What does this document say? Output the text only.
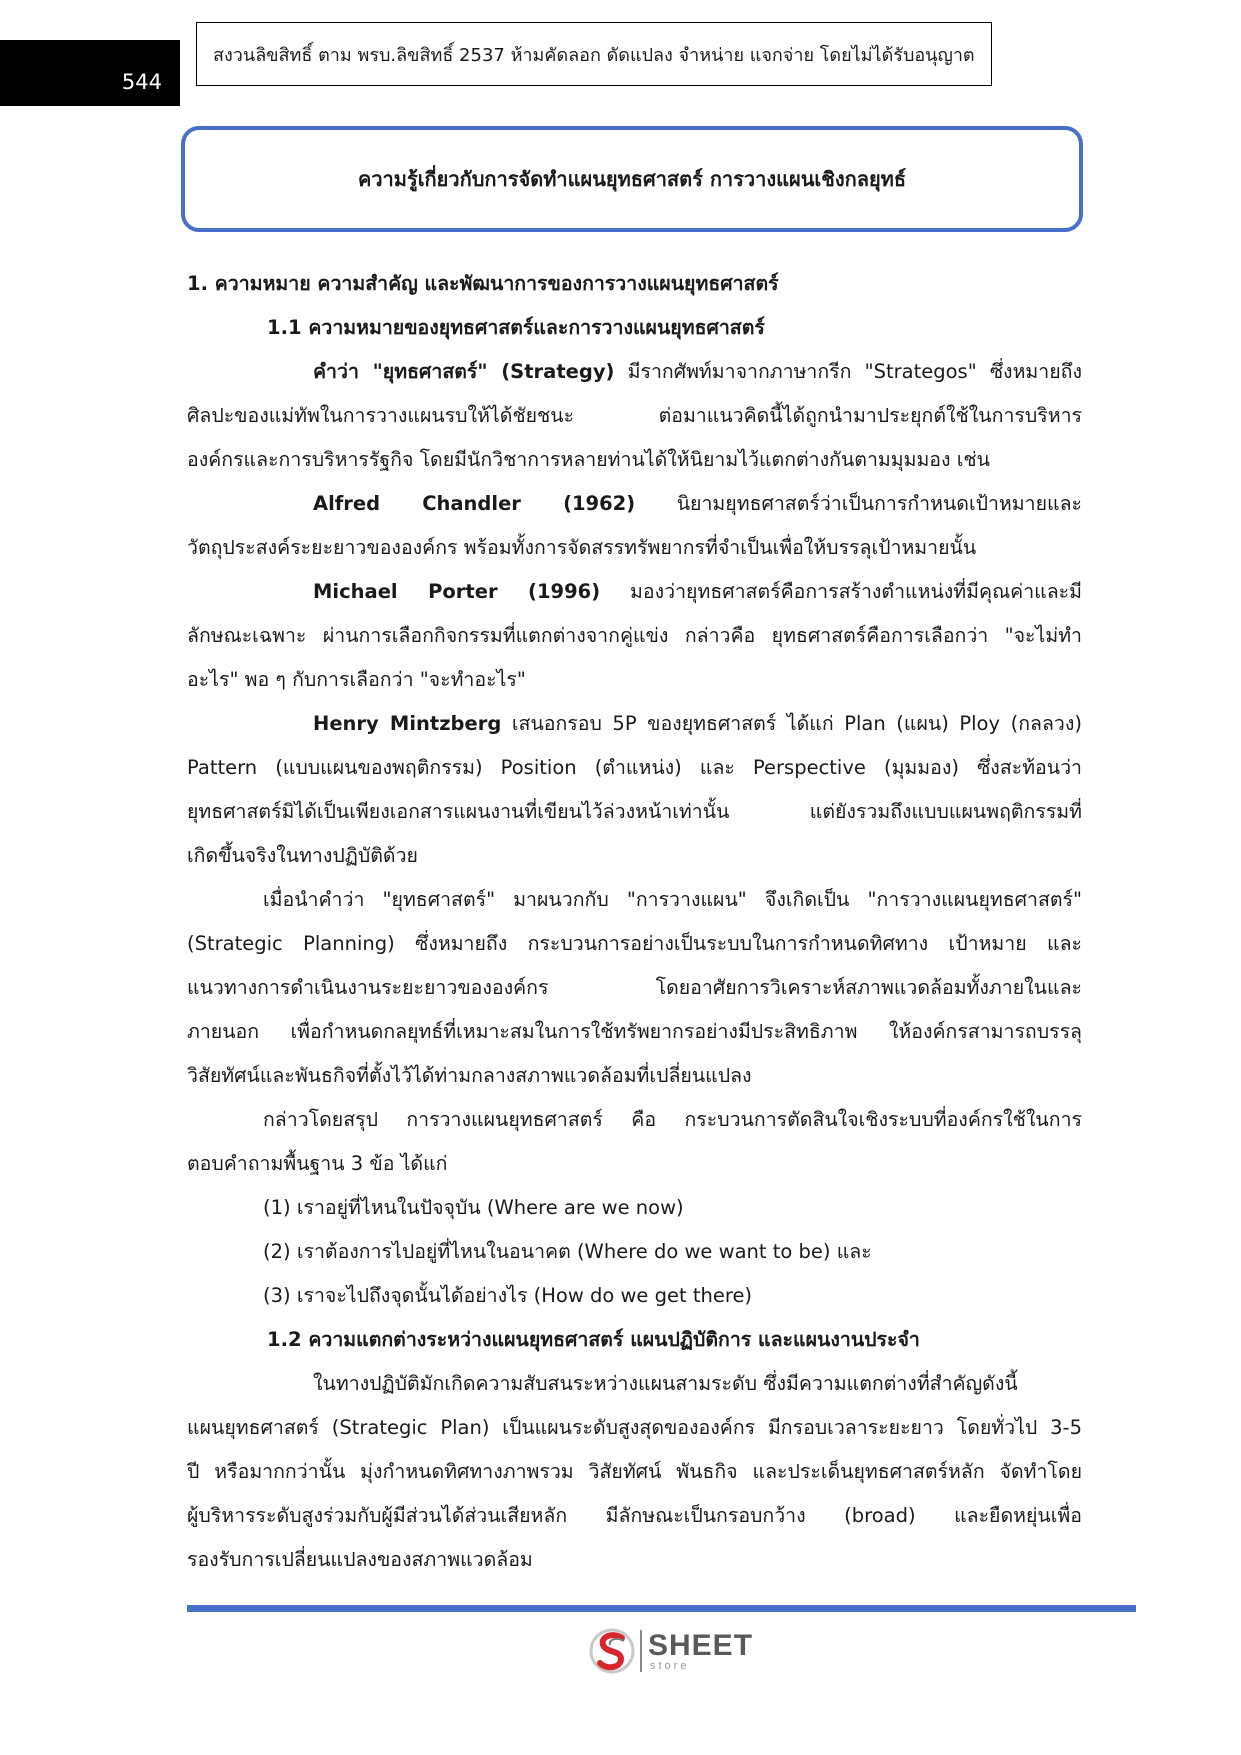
544
สงวนลิขสิทธิ์ ตาม พรบ.ลิขสิทธิ์ 2537 ห้ามคัดลอก ดัดแปลง จำหน่าย แจกจ่าย โดยไม่ได้รับอนุญาต
ความรู้เกี่ยวกับการจัดทำแผนยุทธศาสตร์ การวางแผนเชิงกลยุทธ์
1. ความหมาย ความสำคัญ และพัฒนาการของการวางแผนยุทธศาสตร์
1.1 ความหมายของยุทธศาสตร์และการวางแผนยุทธศาสตร์
คำว่า "ยุทธศาสตร์" (Strategy) มีรากศัพท์มาจากภาษากรีก "Strategos" ซึ่งหมายถึง
ศิลปะของแม่ทัพในการวางแผนรบให้ได้ชัยชนะ ต่อมาแนวคิดนี้ได้ถูกนำมาประยุกต์ใช้ในการบริหาร
องค์กรและการบริหารรัฐกิจ โดยมีนักวิชาการหลายท่านได้ให้นิยามไว้แตกต่างกันตามมุมมอง เช่น
Alfred Chandler (1962) นิยามยุทธศาสตร์ว่าเป็นการกำหนดเป้าหมายและ
วัตถุประสงค์ระยะยาวขององค์กร พร้อมทั้งการจัดสรรทรัพยากรที่จำเป็นเพื่อให้บรรลุเป้าหมายนั้น
Michael Porter (1996) มองว่ายุทธศาสตร์คือการสร้างตำแหน่งที่มีคุณค่าและมี
ลักษณะเฉพาะ ผ่านการเลือกกิจกรรมที่แตกต่างจากคู่แข่ง กล่าวคือ ยุทธศาสตร์คือการเลือกว่า "จะไม่ทำ
อะไร" พอ ๆ กับการเลือกว่า "จะทำอะไร"
Henry Mintzberg เสนอกรอบ 5P ของยุทธศาสตร์ ได้แก่ Plan (แผน) Ploy (กลลวง)
Pattern (แบบแผนของพฤติกรรม) Position (ตำแหน่ง) และ Perspective (มุมมอง) ซึ่งสะท้อนว่า
ยุทธศาสตร์มิได้เป็นเพียงเอกสารแผนงานที่เขียนไว้ล่วงหน้าเท่านั้น แต่ยังรวมถึงแบบแผนพฤติกรรมที่
เกิดขึ้นจริงในทางปฏิบัติด้วย
เมื่อนำคำว่า "ยุทธศาสตร์" มาผนวกกับ "การวางแผน" จึงเกิดเป็น "การวางแผนยุทธศาสตร์"
(Strategic Planning) ซึ่งหมายถึง กระบวนการอย่างเป็นระบบในการกำหนดทิศทาง เป้าหมาย และ
แนวทางการดำเนินงานระยะยาวขององค์กร โดยอาศัยการวิเคราะห์สภาพแวดล้อมทั้งภายในและ
ภายนอก เพื่อกำหนดกลยุทธ์ที่เหมาะสมในการใช้ทรัพยากรอย่างมีประสิทธิภาพ ให้องค์กรสามารถบรรลุ
วิสัยทัศน์และพันธกิจที่ตั้งไว้ได้ท่ามกลางสภาพแวดล้อมที่เปลี่ยนแปลง
กล่าวโดยสรุป การวางแผนยุทธศาสตร์ คือ กระบวนการตัดสินใจเชิงระบบที่องค์กรใช้ในการ
ตอบคำถามพื้นฐาน 3 ข้อ ได้แก่
(1) เราอยู่ที่ไหนในปัจจุบัน (Where are we now)
(2) เราต้องการไปอยู่ที่ไหนในอนาคต (Where do we want to be) และ
(3) เราจะไปถึงจุดนั้นได้อย่างไร (How do we get there)
1.2 ความแตกต่างระหว่างแผนยุทธศาสตร์ แผนปฏิบัติการ และแผนงานประจำ
ในทางปฏิบัติมักเกิดความสับสนระหว่างแผนสามระดับ ซึ่งมีความแตกต่างที่สำคัญดังนี้
แผนยุทธศาสตร์ (Strategic Plan) เป็นแผนระดับสูงสุดขององค์กร มีกรอบเวลาระยะยาว โดยทั่วไป 3-5
ปี หรือมากกว่านั้น มุ่งกำหนดทิศทางภาพรวม วิสัยทัศน์ พันธกิจ และประเด็นยุทธศาสตร์หลัก จัดทำโดย
ผู้บริหารระดับสูงร่วมกับผู้มีส่วนได้ส่วนเสียหลัก มีลักษณะเป็นกรอบกว้าง (broad) และยืดหยุ่นเพื่อ
รองรับการเปลี่ยนแปลงของสภาพแวดล้อม
SHEET
store
